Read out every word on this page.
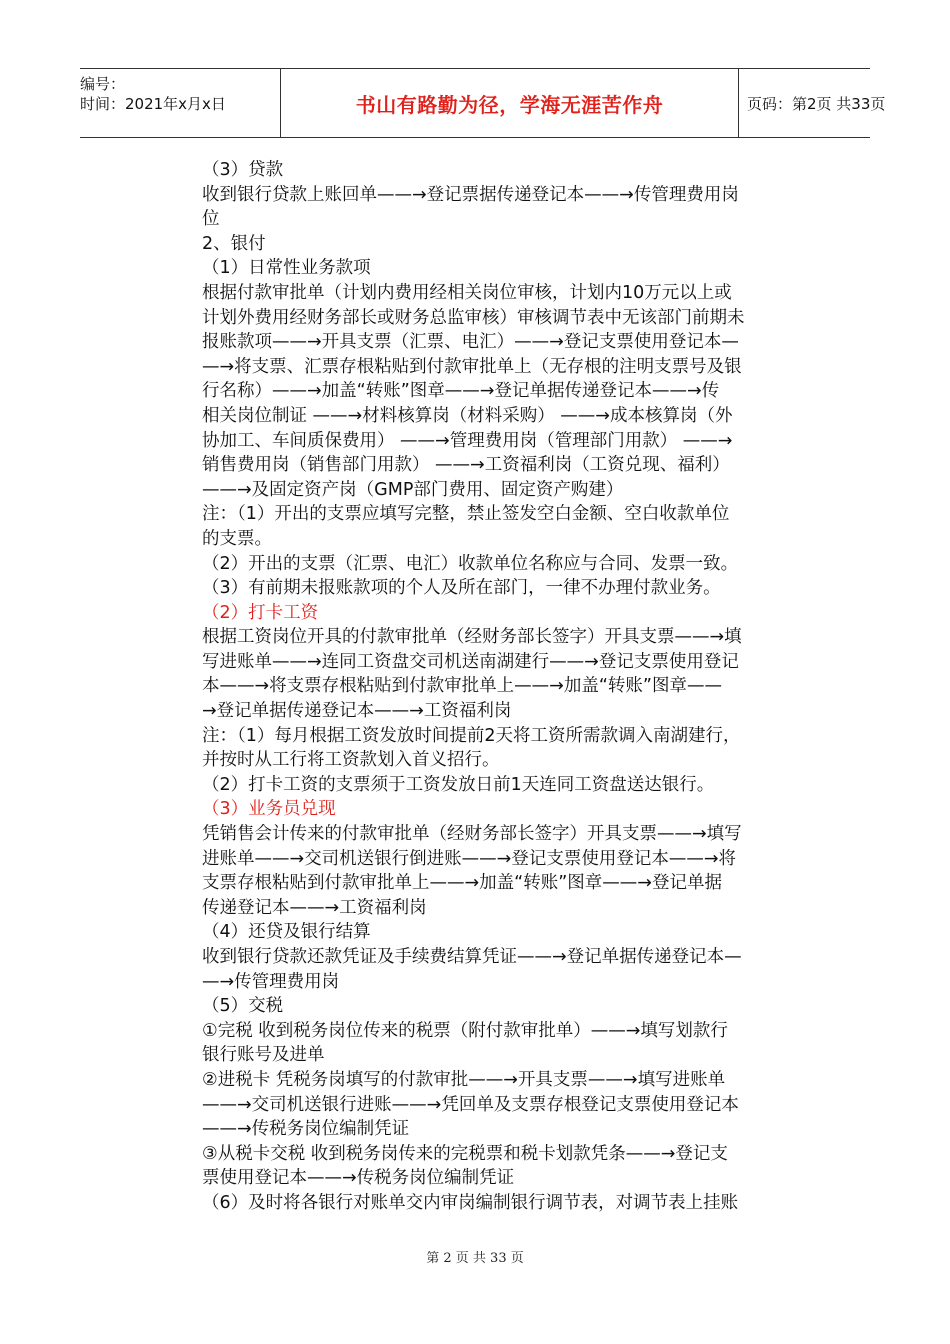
编号：
时间：2021年x月x日	书山有路勤为径，学海无涯苦作舟	页码：第2页 共33页
（3）贷款
收到银行贷款上账回单——→登记票据传递登记本——→传管理费用岗
位
2、银付
（1）日常性业务款项
根据付款审批单（计划内费用经相关岗位审核，计划内10万元以上或
计划外费用经财务部长或财务总监审核）审核调节表中无该部门前期未
报账款项——→开具支票（汇票、电汇）——→登记支票使用登记本—
—→将支票、汇票存根粘贴到付款审批单上（无存根的注明支票号及银
行名称）——→加盖“转账”图章——→登记单据传递登记本——→传
相关岗位制证 ——→材料核算岗（材料采购） ——→成本核算岗（外
协加工、车间质保费用） ——→管理费用岗（管理部门用款） ——→
销售费用岗（销售部门用款） ——→工资福利岗（工资兑现、福利）
——→及固定资产岗（GMP部门费用、固定资产购建）
注：（1）开出的支票应填写完整，禁止签发空白金额、空白收款单位
的支票。
（2）开出的支票（汇票、电汇）收款单位名称应与合同、发票一致。
（3）有前期未报账款项的个人及所在部门，一律不办理付款业务。
（2）打卡工资
根据工资岗位开具的付款审批单（经财务部长签字）开具支票——→填
写进账单——→连同工资盘交司机送南湖建行——→登记支票使用登记
本——→将支票存根粘贴到付款审批单上——→加盖“转账”图章——
→登记单据传递登记本——→工资福利岗
注：（1）每月根据工资发放时间提前2天将工资所需款调入南湖建行，
并按时从工行将工资款划入首义招行。
（2）打卡工资的支票须于工资发放日前1天连同工资盘送达银行。
（3）业务员兑现
凭销售会计传来的付款审批单（经财务部长签字）开具支票——→填写
进账单——→交司机送银行倒进账——→登记支票使用登记本——→将
支票存根粘贴到付款审批单上——→加盖“转账”图章——→登记单据
传递登记本——→工资福利岗
（4）还贷及银行结算
收到银行贷款还款凭证及手续费结算凭证——→登记单据传递登记本—
—→传管理费用岗
（5）交税
①完税 收到税务岗位传来的税票（附付款审批单）——→填写划款行
银行账号及进单
②进税卡 凭税务岗填写的付款审批——→开具支票——→填写进账单
——→交司机送银行进账——→凭回单及支票存根登记支票使用登记本
——→传税务岗位编制凭证
③从税卡交税 收到税务岗传来的完税票和税卡划款凭条——→登记支
票使用登记本——→传税务岗位编制凭证
（6）及时将各银行对账单交内审岗编制银行调节表，对调节表上挂账
第 2 页 共 33 页
